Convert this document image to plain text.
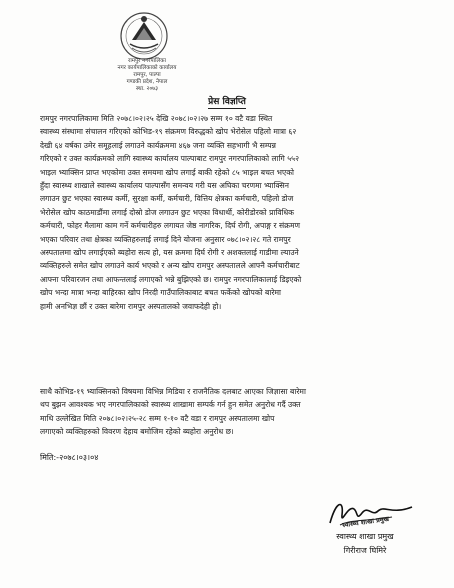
रामपुर नगरपालिका
नगर कार्यपालिकाको कार्यालय
रामपुर, पाल्पा
गण्डकी प्रदेश, नेपाल
स्था. २०७३
प्रेस विज्ञप्ति
रामपुर नगरपालिकामा मिति २०७८।०२।२५ देखि २०७८।०२।२७ सम्म १० वटै वडा स्थित
स्वास्थ्य संस्थामा संचालन गरिएको कोभिड-१९ संक्रमण विरुद्धको खोप भेरोसेल पहिलो मात्रा ६२
देखी ६४ वर्षका उमेर समूहलाई लगाउने कार्यक्रममा ४६७ जना व्यक्ति सहभागी भै सम्पन्न
गरिएको र उक्त कार्यक्रमको लागि स्वास्थ्य कार्यालय पाल्पाबाट रामपुर नगरपालिकाको लागि ५५२
भाइल भ्याक्सिन प्राप्त भएकोमा उक्त समयमा खोप लगाई बाकी रहेको ८५ भाइल बचत भएको
हुँदा स्वास्थ्य शाखाले स्वास्थ्य कार्यालय पाल्पासँग समन्वय गरी यस अघिका चरणमा भ्याक्सिन
लगाउन छुट भएका स्वास्थ्य कर्मी, सुरक्षा कर्मी, कर्मचारी, वित्तिय क्षेत्रका कर्मचारी, पहिलो डोज
भेरोसेल खोप काठमाडौंमा लगाई दोस्रो डोज लगाउन छुट भएका विधार्थी, कोरीडोरको प्राविधिक
कर्मचारी, फोहर मैलामा काम गर्ने कर्मचारीहरु लगायत जेष्ठ नागरिक, दिर्घ रोगी, अपाङ्ग र संक्रमण
भएका परिवार तथा क्षेत्रका व्यक्तिहरुलाई लगाई दिने योजना अनुसार ०७८।०२।२८ गते रामपुर
अस्पतालमा खोप लगाईएको ब्यहोरा सत्य हो, यस क्रममा दिर्घ रोगी र अशक्तलाई गाडीमा ल्याउने
व्यक्तिहरुले समेत खोप लगाउने कार्य भएको र अन्य खोप रामपुर अस्पतालले आफ्नै कर्मचारीबाट
आफ्ना परिवारजन तथा आफन्तलाई लगाएको भन्ने बुझिएको छ। रामपुर नगरपालिकालाई डिइएको
खोप भन्दा मात्रा भन्दा बाहिरका खोप निरदी गाउँपालिकाबाट बचत फर्केको खोपको बारेमा
हामी अनभिज्ञ छौं र उक्त बारेमा रामपुर अस्पतालको जवाफदेही हो।
साथै कोभिड-१९ भ्याक्सिनको विषयमा विभिन्न मिडिया र राजनैतिक दलबाट आएका जिज्ञासा बारेमा
थप बुझन आवश्यक भए नगरपालिकाको स्वास्थ्य शाखामा सम्पर्क गर्न हुन समेत अनुरोध गर्दै उक्त
माथि उल्लेखित मिति २०७८।०२।२५-२८ सम्म १-१० वटै वडा र रामपुर अस्पतालमा खोप
लगाएको व्यक्तिहरुको विवरण देहाय बमोजिम रहेको ब्यहोरा अनुरोध छ।
मिति:-२०७८।०३।०४
स्वास्थ्य शाखा प्रमुख
स्वास्थ्य शाखा प्रमुख
गिरीराज घिमिरे
